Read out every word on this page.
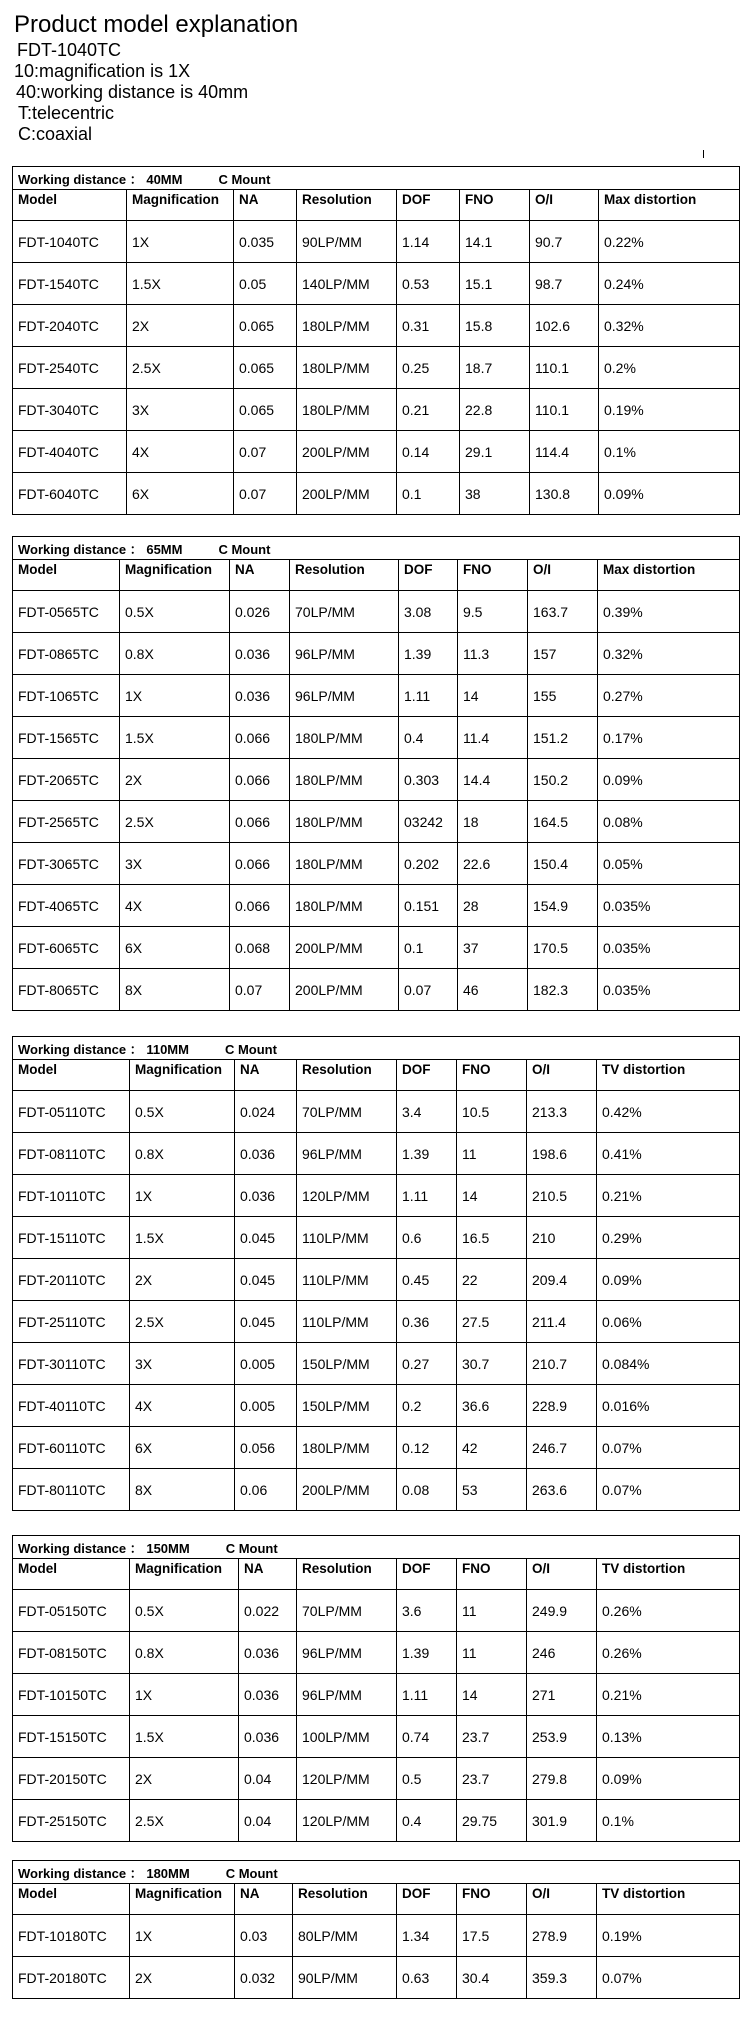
Product model explanation
FDT-1040TC
10:magnification is 1X
40:working distance is 40mm
T:telecentric
C:coaxial
Working distance ： 40MM C Mount							
Model	Magnification	NA	Resolution	DOF	FNO	O/I	Max distortion
FDT-1040TC	1X	0.035	90LP/MM	1.14	14.1	90.7	0.22%
FDT-1540TC	1.5X	0.05	140LP/MM	0.53	15.1	98.7	0.24%
FDT-2040TC	2X	0.065	180LP/MM	0.31	15.8	102.6	0.32%
FDT-2540TC	2.5X	0.065	180LP/MM	0.25	18.7	110.1	0.2%
FDT-3040TC	3X	0.065	180LP/MM	0.21	22.8	110.1	0.19%
FDT-4040TC	4X	0.07	200LP/MM	0.14	29.1	114.4	0.1%
FDT-6040TC	6X	0.07	200LP/MM	0.1	38	130.8	0.09%
Working distance ： 65MM C Mount							
Model	Magnification	NA	Resolution	DOF	FNO	O/I	Max distortion
FDT-0565TC	0.5X	0.026	70LP/MM	3.08	9.5	163.7	0.39%
FDT-0865TC	0.8X	0.036	96LP/MM	1.39	11.3	157	0.32%
FDT-1065TC	1X	0.036	96LP/MM	1.11	14	155	0.27%
FDT-1565TC	1.5X	0.066	180LP/MM	0.4	11.4	151.2	0.17%
FDT-2065TC	2X	0.066	180LP/MM	0.303	14.4	150.2	0.09%
FDT-2565TC	2.5X	0.066	180LP/MM	03242	18	164.5	0.08%
FDT-3065TC	3X	0.066	180LP/MM	0.202	22.6	150.4	0.05%
FDT-4065TC	4X	0.066	180LP/MM	0.151	28	154.9	0.035%
FDT-6065TC	6X	0.068	200LP/MM	0.1	37	170.5	0.035%
FDT-8065TC	8X	0.07	200LP/MM	0.07	46	182.3	0.035%
Working distance ： 110MM C Mount							
Model	Magnification	NA	Resolution	DOF	FNO	O/I	TV distortion
FDT-05110TC	0.5X	0.024	70LP/MM	3.4	10.5	213.3	0.42%
FDT-08110TC	0.8X	0.036	96LP/MM	1.39	11	198.6	0.41%
FDT-10110TC	1X	0.036	120LP/MM	1.11	14	210.5	0.21%
FDT-15110TC	1.5X	0.045	110LP/MM	0.6	16.5	210	0.29%
FDT-20110TC	2X	0.045	110LP/MM	0.45	22	209.4	0.09%
FDT-25110TC	2.5X	0.045	110LP/MM	0.36	27.5	211.4	0.06%
FDT-30110TC	3X	0.005	150LP/MM	0.27	30.7	210.7	0.084%
FDT-40110TC	4X	0.005	150LP/MM	0.2	36.6	228.9	0.016%
FDT-60110TC	6X	0.056	180LP/MM	0.12	42	246.7	0.07%
FDT-80110TC	8X	0.06	200LP/MM	0.08	53	263.6	0.07%
Working distance ： 150MM C Mount							
Model	Magnification	NA	Resolution	DOF	FNO	O/I	TV distortion
FDT-05150TC	0.5X	0.022	70LP/MM	3.6	11	249.9	0.26%
FDT-08150TC	0.8X	0.036	96LP/MM	1.39	11	246	0.26%
FDT-10150TC	1X	0.036	96LP/MM	1.11	14	271	0.21%
FDT-15150TC	1.5X	0.036	100LP/MM	0.74	23.7	253.9	0.13%
FDT-20150TC	2X	0.04	120LP/MM	0.5	23.7	279.8	0.09%
FDT-25150TC	2.5X	0.04	120LP/MM	0.4	29.75	301.9	0.1%
Working distance ： 180MM C Mount							
Model	Magnification	NA	Resolution	DOF	FNO	O/I	TV distortion
FDT-10180TC	1X	0.03	80LP/MM	1.34	17.5	278.9	0.19%
FDT-20180TC	2X	0.032	90LP/MM	0.63	30.4	359.3	0.07%
